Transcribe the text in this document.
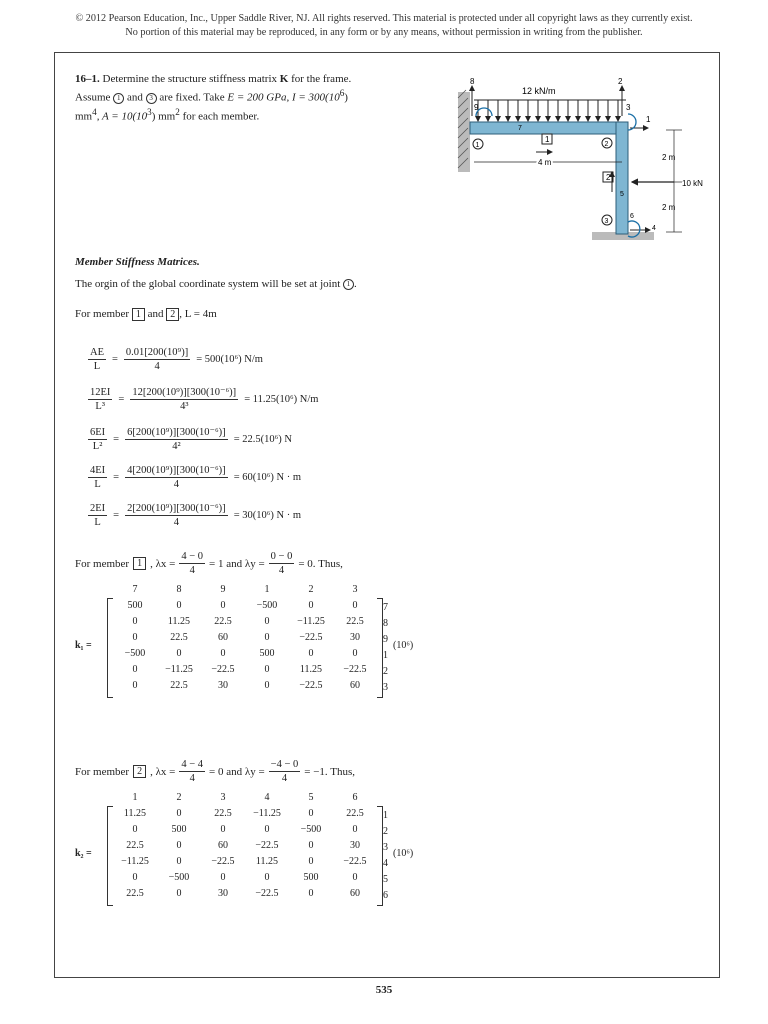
© 2012 Pearson Education, Inc., Upper Saddle River, NJ. All rights reserved. This material is protected under all copyright laws as they currently exist.
No portion of this material may be reproduced, in any form or by any means, without permission in writing from the publisher.
16–1. Determine the structure stiffness matrix K for the frame. Assume 1 and 3 are fixed. Take E = 200 GPa, $I = 300(10^6)$ $mm^4$, $A = 10(10^3)$ $mm^2$ for each member.
12 kN/m
1	2
3
1
2
8
9
7
2
3
1
5
6
4
4 m
2 m
2 m
10 kN
Member Stiffness Matrices.
The orgin of the global coordinate system will be set at joint 1 .
For member 1 and 2 , L = 4m
$\frac{AE}{L} = \frac{\text{0.01[200(10⁹)]}}{4} = 500(10^6)$ N/m
$\frac{12EI}{\text{L³}} = \frac{\text{12[200(10⁹)][300(10⁻⁶)]}}{\text{4³}} = 11.25(10^6)$ N/m
$\frac{6EI}{\text{L²}} = \frac{\text{6[200(10⁹)][300(10⁻⁶)]}}{\text{4²}} = 22.5(10^6)$ N
$\frac{4EI}{L} = \frac{\text{4[200(10⁹)][300(10⁻⁶)]}}{4} = 60(10^6) N \cdot m$
$\frac{2EI}{L} = \frac{\text{2[200(10⁹)][300(10⁻⁶)]}}{4} = 30(10^6) N \cdot m$
For member 1 , $\lambda x = \frac{4 - 0}{4} = 1$ and $\lambda y = \frac{0 - 0}{4} = 0$. Thus,
7	8	9	1	2	3
500	0	0	−500	0	0	7
0	11.25	22.5	0	−11.25	22.5	8
0	22.5	60	0	−22.5	30	9
−500	0	0	500	0	0	1
0	−11.25	−22.5	0	11.25	−22.5	2
0	22.5	30	0	−22.5	60	3
k₁ =	(10⁶)
For member 2 , $\lambda x = \frac{4 - 4}{4} = 0$ and $\lambda y = \frac{-4 - 0}{4} = -1$. Thus,
1	2	3	4	5	6
11.25	0	22.5	−11.25	0	22.5	1
0	500	0	0	−500	0	2
22.5	0	60	−22.5	0	30	3
−11.25	0	−22.5	11.25	0	−22.5	4
0	−500	0	0	500	0	5
22.5	0	30	−22.5	0	60	6
k₂ =	(10⁶)
535
